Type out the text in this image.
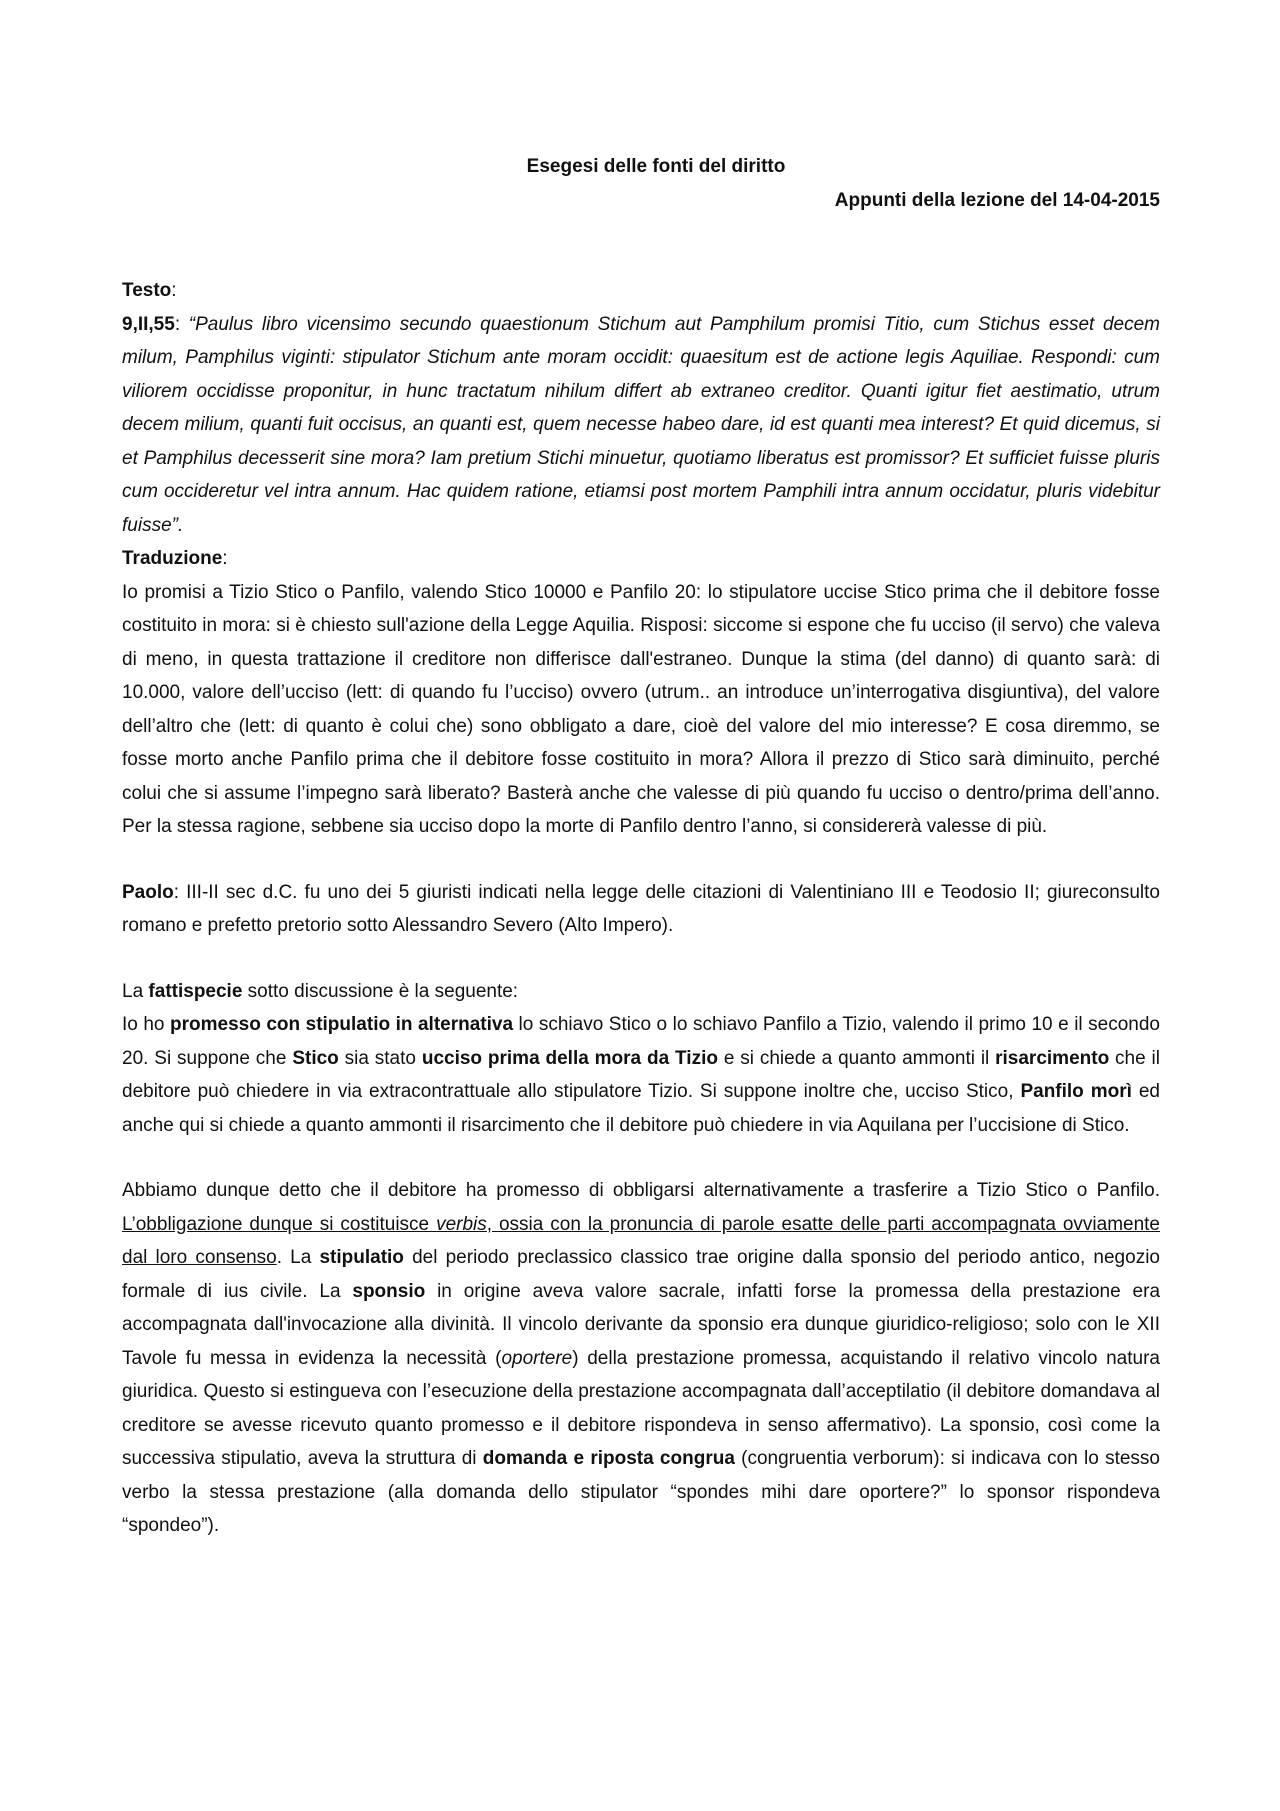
Esegesi delle fonti del diritto
Appunti della lezione del 14-04-2015

Testo:

9,II,55: “Paulus libro vicensimo secundo quaestionum Stichum aut Pamphilum promisi Titio, cum Stichus esset decem milum, Pamphilus viginti: stipulator Stichum ante moram occidit: quaesitum est de actione legis Aquiliae. Respondi: cum viliorem occidisse proponitur, in hunc tractatum nihilum differt ab extraneo creditor. Quanti igitur fiet aestimatio, utrum decem milium, quanti fuit occisus, an quanti est, quem necesse habeo dare, id est quanti mea interest? Et quid dicemus, si et Pamphilus decesserit sine mora? Iam pretium Stichi minuetur, quotiamo liberatus est promissor? Et sufficiet fuisse pluris cum occideretur vel intra annum. Hac quidem ratione, etiamsi post mortem Pamphili intra annum occidatur, pluris videbitur fuisse”.

Traduzione:

Io promisi a Tizio Stico o Panfilo, valendo Stico 10000 e Panfilo 20: lo stipulatore uccise Stico prima che il debitore fosse costituito in mora: si è chiesto sull'azione della Legge Aquilia. Risposi: siccome si espone che fu ucciso (il servo) che valeva di meno, in questa trattazione il creditore non differisce dall'estraneo. Dunque la stima (del danno) di quanto sarà: di 10.000, valore dell’ucciso (lett: di quando fu l’ucciso) ovvero (utrum.. an introduce un’interrogativa disgiuntiva), del valore dell’altro che (lett: di quanto è colui che) sono obbligato a dare, cioè del valore del mio interesse? E cosa diremmo, se fosse morto anche Panfilo prima che il debitore fosse costituito in mora? Allora il prezzo di Stico sarà diminuito, perché colui che si assume l’impegno sarà liberato? Basterà anche che valesse di più quando fu ucciso o dentro/prima dell’anno. Per la stessa ragione, sebbene sia ucciso dopo la morte di Panfilo dentro l’anno, si considererà valesse di più.

Paolo: III-II sec d.C. fu uno dei 5 giuristi indicati nella legge delle citazioni di Valentiniano III e Teodosio II; giureconsulto romano e prefetto pretorio sotto Alessandro Severo (Alto Impero).

La fattispecie sotto discussione è la seguente:

Io ho promesso con stipulatio in alternativa lo schiavo Stico o lo schiavo Panfilo a Tizio, valendo il primo 10 e il secondo 20. Si suppone che Stico sia stato ucciso prima della mora da Tizio e si chiede a quanto ammonti il risarcimento che il debitore può chiedere in via extracontrattuale allo stipulatore Tizio. Si suppone inoltre che, ucciso Stico, Panfilo morì ed anche qui si chiede a quanto ammonti il risarcimento che il debitore può chiedere in via Aquilana per l’uccisione di Stico.

Abbiamo dunque detto che il debitore ha promesso di obbligarsi alternativamente a trasferire a Tizio Stico o Panfilo. L’obbligazione dunque si costituisce verbis, ossia con la pronuncia di parole esatte delle parti accompagnata ovviamente dal loro consenso. La stipulatio del periodo preclassico classico trae origine dalla sponsio del periodo antico, negozio formale di ius civile. La sponsio in origine aveva valore sacrale, infatti forse la promessa della prestazione era accompagnata dall'invocazione alla divinità. Il vincolo derivante da sponsio era dunque giuridico-religioso; solo con le XII Tavole fu messa in evidenza la necessità (oportere) della prestazione promessa, acquistando il relativo vincolo natura giuridica. Questo si estingueva con l’esecuzione della prestazione accompagnata dall’acceptilatio (il debitore domandava al creditore se avesse ricevuto quanto promesso e il debitore rispondeva in senso affermativo). La sponsio, così come la successiva stipulatio, aveva la struttura di domanda e riposta congrua (congruentia verborum): si indicava con lo stesso verbo la stessa prestazione (alla domanda dello stipulator “spondes mihi dare oportere?” lo sponsor rispondeva “spondeo”).
